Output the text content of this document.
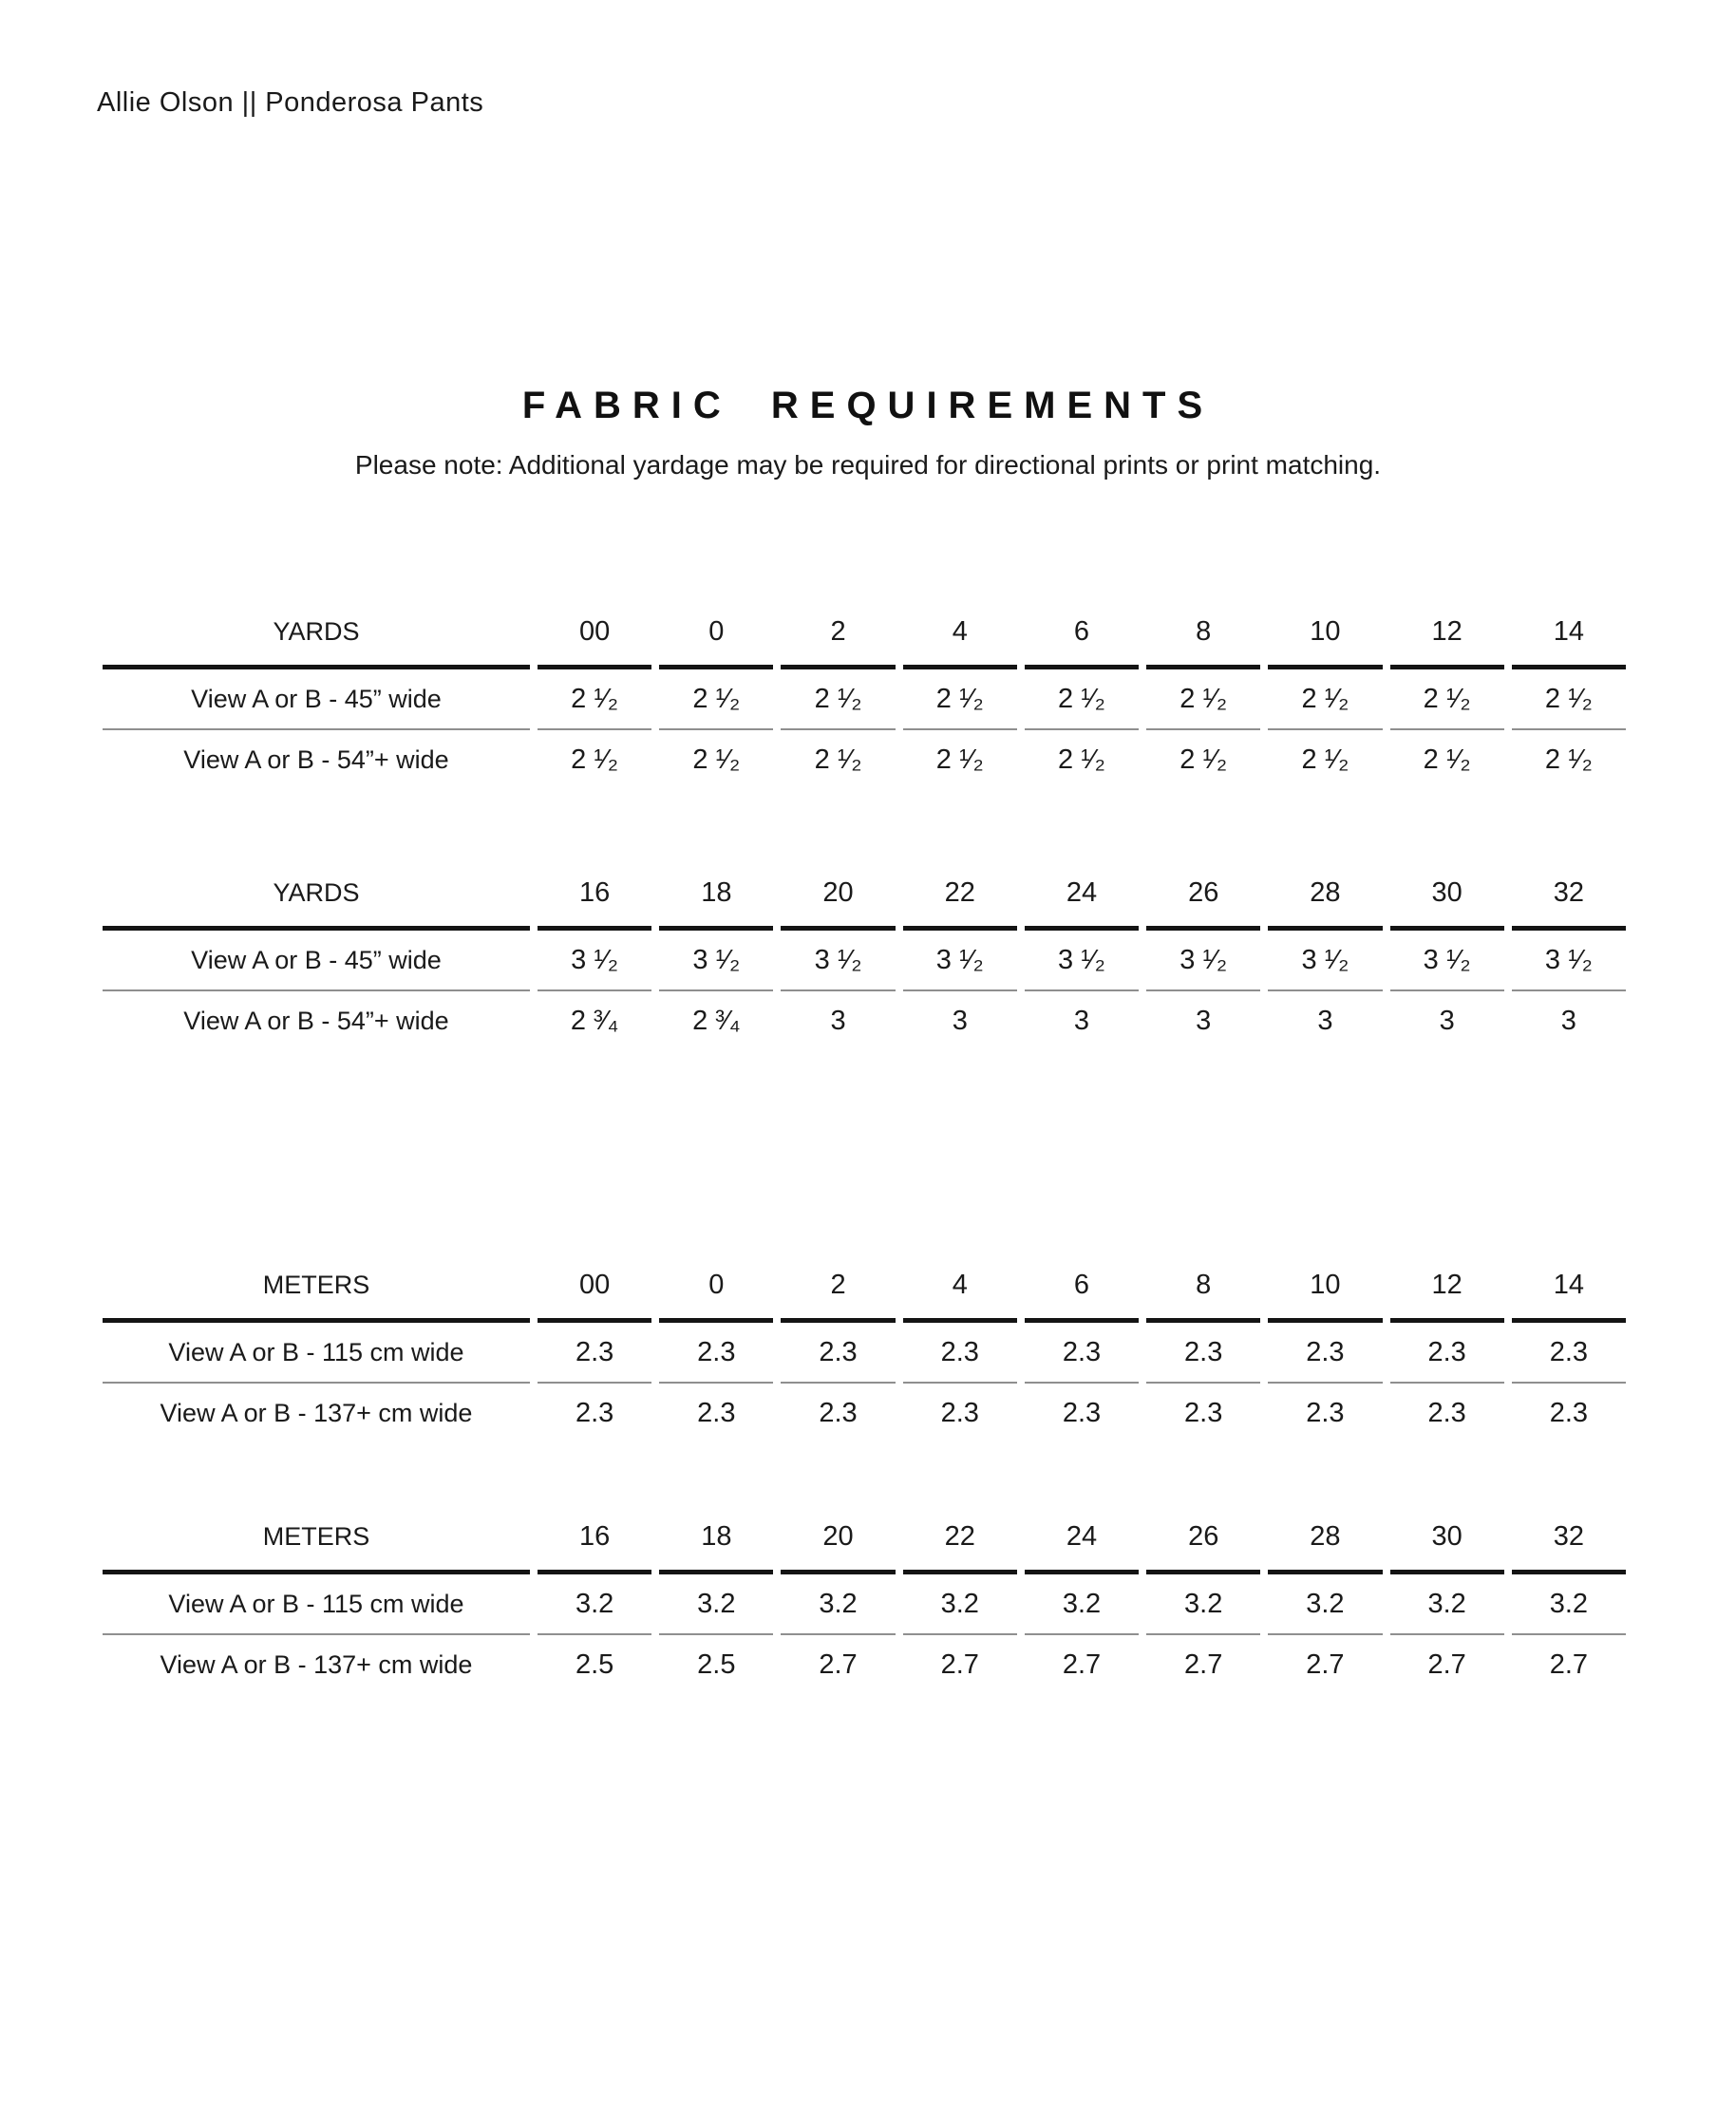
Allie Olson || Ponderosa Pants
FABRIC REQUIREMENTS
Please note: Additional yardage may be required for directional prints or print matching.
YARDS	00	0	2	4	6	8	10	12	14
View A or B - 45” wide	2 ¹⁄₂	2 ¹⁄₂	2 ¹⁄₂	2 ¹⁄₂	2 ¹⁄₂	2 ¹⁄₂	2 ¹⁄₂	2 ¹⁄₂	2 ¹⁄₂
View A or B - 54”+ wide	2 ¹⁄₂	2 ¹⁄₂	2 ¹⁄₂	2 ¹⁄₂	2 ¹⁄₂	2 ¹⁄₂	2 ¹⁄₂	2 ¹⁄₂	2 ¹⁄₂
YARDS	16	18	20	22	24	26	28	30	32
View A or B - 45” wide	3 ¹⁄₂	3 ¹⁄₂	3 ¹⁄₂	3 ¹⁄₂	3 ¹⁄₂	3 ¹⁄₂	3 ¹⁄₂	3 ¹⁄₂	3 ¹⁄₂
View A or B - 54”+ wide	2 ³⁄₄	2 ³⁄₄	3	3	3	3	3	3	3
METERS	00	0	2	4	6	8	10	12	14
View A or B - 115 cm wide	2.3	2.3	2.3	2.3	2.3	2.3	2.3	2.3	2.3
View A or B - 137+ cm wide	2.3	2.3	2.3	2.3	2.3	2.3	2.3	2.3	2.3
METERS	16	18	20	22	24	26	28	30	32
View A or B - 115 cm wide	3.2	3.2	3.2	3.2	3.2	3.2	3.2	3.2	3.2
View A or B - 137+ cm wide	2.5	2.5	2.7	2.7	2.7	2.7	2.7	2.7	2.7
